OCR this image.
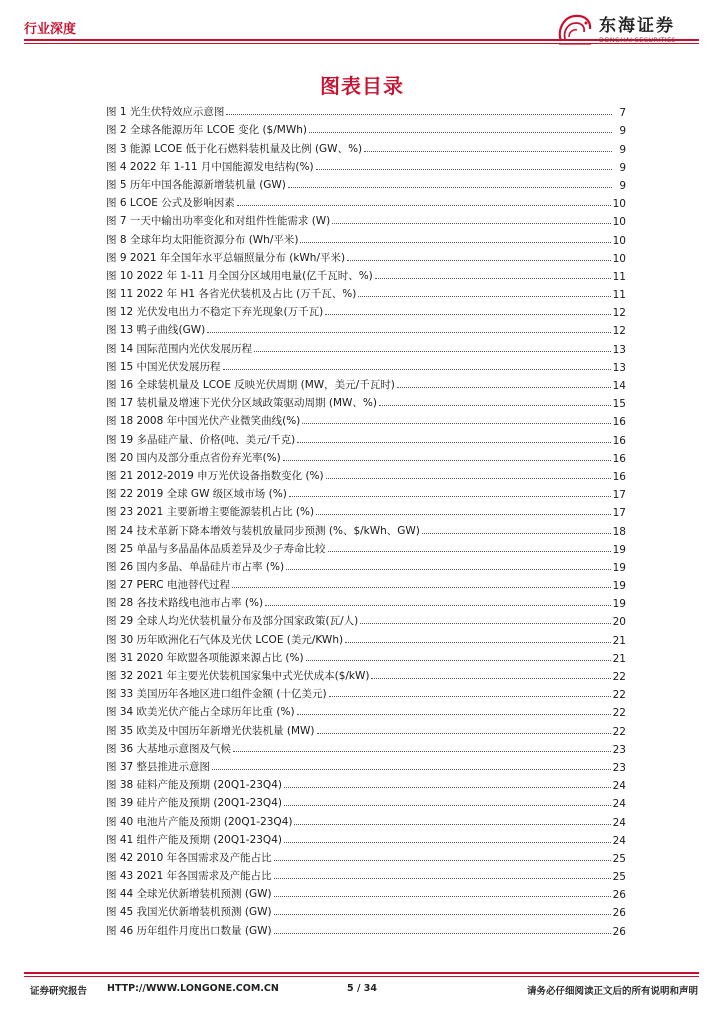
行业深度	东海证券
图表目录
图 1 光生伏特效应示意图	7
图 2 全球各能源历年 LCOE 变化 ($/MWh)	9
图 3 能源 LCOE 低于化石燃料装机量及比例 (GW、%)	9
图 4 2022 年 1-11 月中国能源发电结构(%)	9
图 5 历年中国各能源新增装机量 (GW)	9
图 6 LCOE 公式及影响因素	10
图 7 一天中输出功率变化和对组件性能需求 (W)	10
图 8 全球年均太阳能资源分布 (Wh/平米)	10
图 9 2021 年全国年水平总辐照量分布 (kWh/平米)	10
图 10 2022 年 1-11 月全国分区域用电量(亿千瓦时、%)	11
图 11 2022 年 H1 各省光伏装机及占比 (万千瓦、%)	11
图 12 光伏发电出力不稳定下弃光现象(万千瓦)	12
图 13 鸭子曲线(GW)	12
图 14 国际范围内光伏发展历程	13
图 15 中国光伏发展历程	13
图 16 全球装机量及 LCOE 反映光伏周期 (MW，美元/千瓦时)	14
图 17 装机量及增速下光伏分区域政策驱动周期 (MW、%)	15
图 18 2008 年中国光伏产业微笑曲线(%)	16
图 19 多晶硅产量、价格(吨、美元/千克)	16
图 20 国内及部分重点省份弃光率(%)	16
图 21 2012-2019 申万光伏设备指数变化 (%)	16
图 22 2019 全球 GW 级区域市场 (%)	17
图 23 2021 主要新增主要能源装机占比 (%)	17
图 24 技术革新下降本增效与装机放量同步预测 (%、$/kWh、GW)	18
图 25 单晶与多晶晶体品质差异及少子寿命比较	19
图 26 国内多晶、单晶硅片市占率 (%)	19
图 27 PERC 电池替代过程	19
图 28 各技术路线电池市占率 (%)	19
图 29 全球人均光伏装机量分布及部分国家政策(瓦/人)	20
图 30 历年欧洲化石气体及光伏 LCOE (美元/KWh)	21
图 31 2020 年欧盟各项能源来源占比 (%)	21
图 32 2021 年主要光伏装机国家集中式光伏成本($/kW)	22
图 33 美国历年各地区进口组件金额 (十亿美元)	22
图 34 欧美光伏产能占全球历年比重 (%)	22
图 35 欧美及中国历年新增光伏装机量 (MW)	22
图 36 大基地示意图及气候	23
图 37 整县推进示意图	23
图 38 硅料产能及预期 (20Q1-23Q4)	24
图 39 硅片产能及预期 (20Q1-23Q4)	24
图 40 电池片产能及预期 (20Q1-23Q4)	24
图 41 组件产能及预期 (20Q1-23Q4)	24
图 42 2010 年各国需求及产能占比	25
图 43 2021 年各国需求及产能占比	25
图 44 全球光伏新增装机预测 (GW)	26
图 45 我国光伏新增装机预测 (GW)	26
图 46 历年组件月度出口数量 (GW)	26
证券研究报告 HTTP://WWW.LONGONE.COM.CN	5 / 34	请务必仔细阅读正文后的所有说明和声明
